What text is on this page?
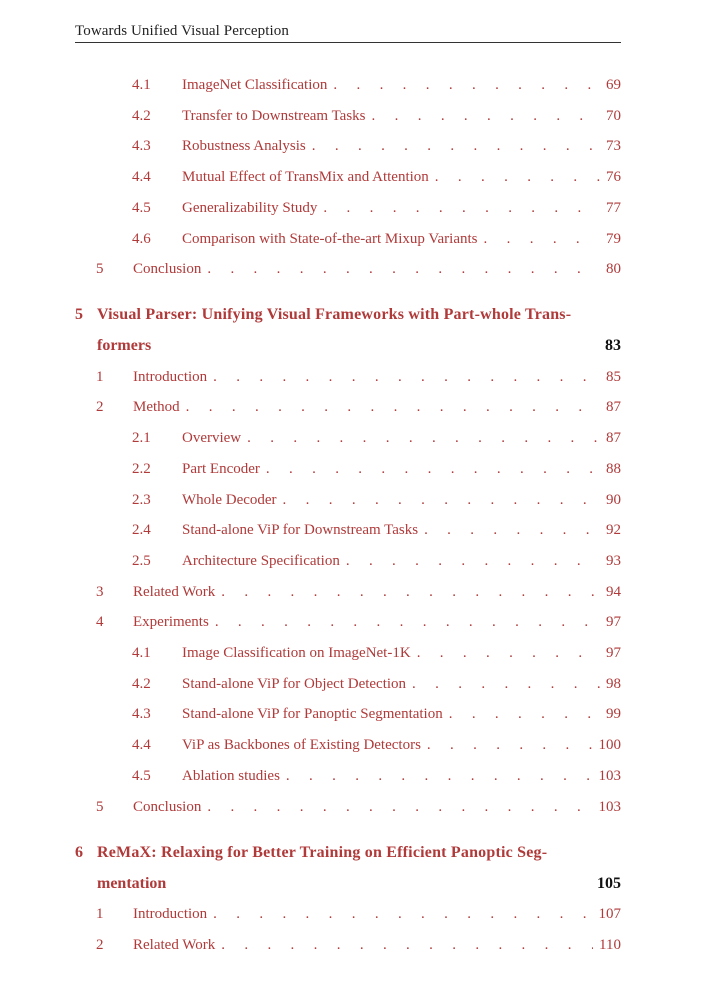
Towards Unified Visual Perception
4.1	ImageNet Classification . . .	69
4.2	Transfer to Downstream Tasks . . .	70
4.3	Robustness Analysis . . .	73
4.4	Mutual Effect of TransMix and Attention . . .	76
4.5	Generalizability Study . . .	77
4.6	Comparison with State-of-the-art Mixup Variants . . .	79
5	Conclusion . . .	80
5 Visual Parser: Unifying Visual Frameworks with Part-whole Trans-
formers	83
1	Introduction . . .	85
2	Method . . .	87
2.1	Overview . . .	87
2.2	Part Encoder . . .	88
2.3	Whole Decoder . . .	90
2.4	Stand-alone ViP for Downstream Tasks . . .	92
2.5	Architecture Specification . . .	93
3	Related Work . . .	94
4	Experiments . . .	97
4.1	Image Classification on ImageNet-1K . . .	97
4.2	Stand-alone ViP for Object Detection . . .	98
4.3	Stand-alone ViP for Panoptic Segmentation . . .	99
4.4	ViP as Backbones of Existing Detectors . . .	100
4.5	Ablation studies . . .	103
5	Conclusion . . .	103
6 ReMaX: Relaxing for Better Training on Efficient Panoptic Seg-
mentation	105
1	Introduction . . .	107
2	Related Work . . .	110
